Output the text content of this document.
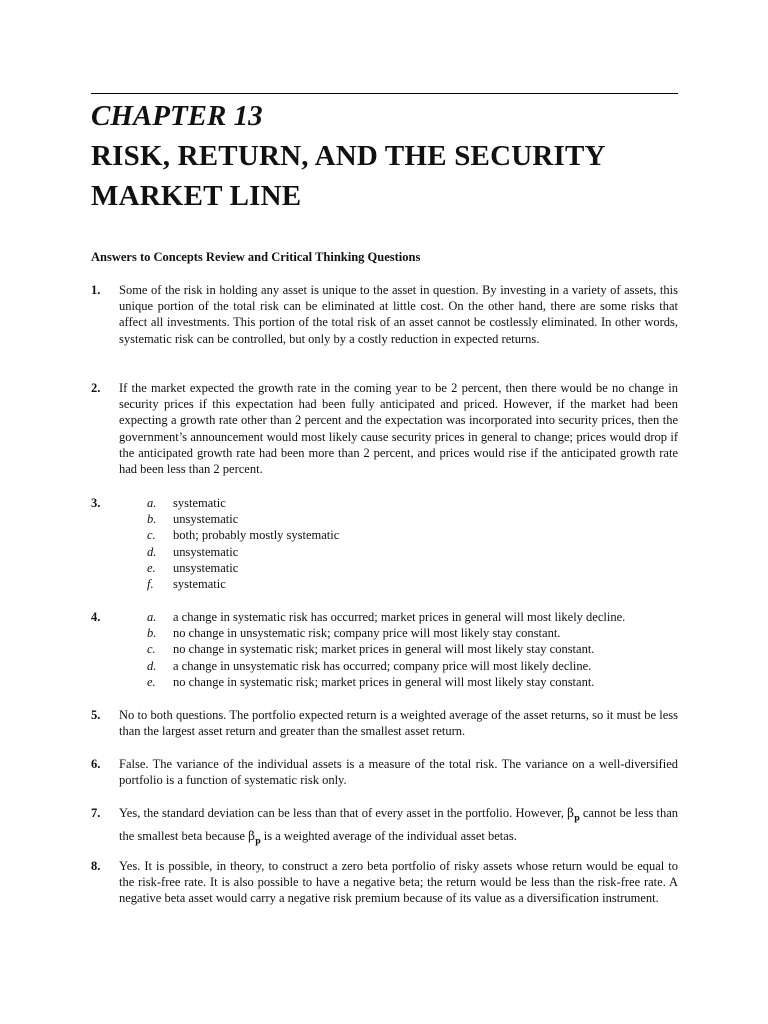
CHAPTER 13
RISK, RETURN, AND THE SECURITY
MARKET LINE

Answers to Concepts Review and Critical Thinking Questions

1. Some of the risk in holding any asset is unique to the asset in question. By investing in a variety of assets, this unique portion of the total risk can be eliminated at little cost. On the other hand, there are some risks that affect all investments. This portion of the total risk of an asset cannot be costlessly eliminated. In other words, systematic risk can be controlled, but only by a costly reduction in expected returns.
2. If the market expected the growth rate in the coming year to be 2 percent, then there would be no change in security prices if this expectation had been fully anticipated and priced. However, if the market had been expecting a growth rate other than 2 percent and the expectation was incorporated into security prices, then the government’s announcement would most likely cause security prices in general to change; prices would drop if the anticipated growth rate had been more than 2 percent, and prices would rise if the anticipated growth rate had been less than 2 percent.
3.	a.	systematic
b.	unsystematic
c.	both; probably mostly systematic
d.	unsystematic
e.	unsystematic
f.	systematic
4.	a.	a change in systematic risk has occurred; market prices in general will most likely decline.
b.	no change in unsystematic risk; company price will most likely stay constant.
c.	no change in systematic risk; market prices in general will most likely stay constant.
d.	a change in unsystematic risk has occurred; company price will most likely decline.
e.	no change in systematic risk; market prices in general will most likely stay constant.
5. No to both questions. The portfolio expected return is a weighted average of the asset returns, so it must be less than the largest asset return and greater than the smallest asset return.
6. False. The variance of the individual assets is a measure of the total risk. The variance on a well-diversified portfolio is a function of systematic risk only.
7. Yes, the standard deviation can be less than that of every asset in the portfolio. However, $\beta_p$ cannot be less than the smallest beta because $\beta_p$ is a weighted average of the individual asset betas.
8. Yes. It is possible, in theory, to construct a zero beta portfolio of risky assets whose return would be equal to the risk-free rate. It is also possible to have a negative beta; the return would be less than the risk-free rate. A negative beta asset would carry a negative risk premium because of its value as a diversification instrument.
